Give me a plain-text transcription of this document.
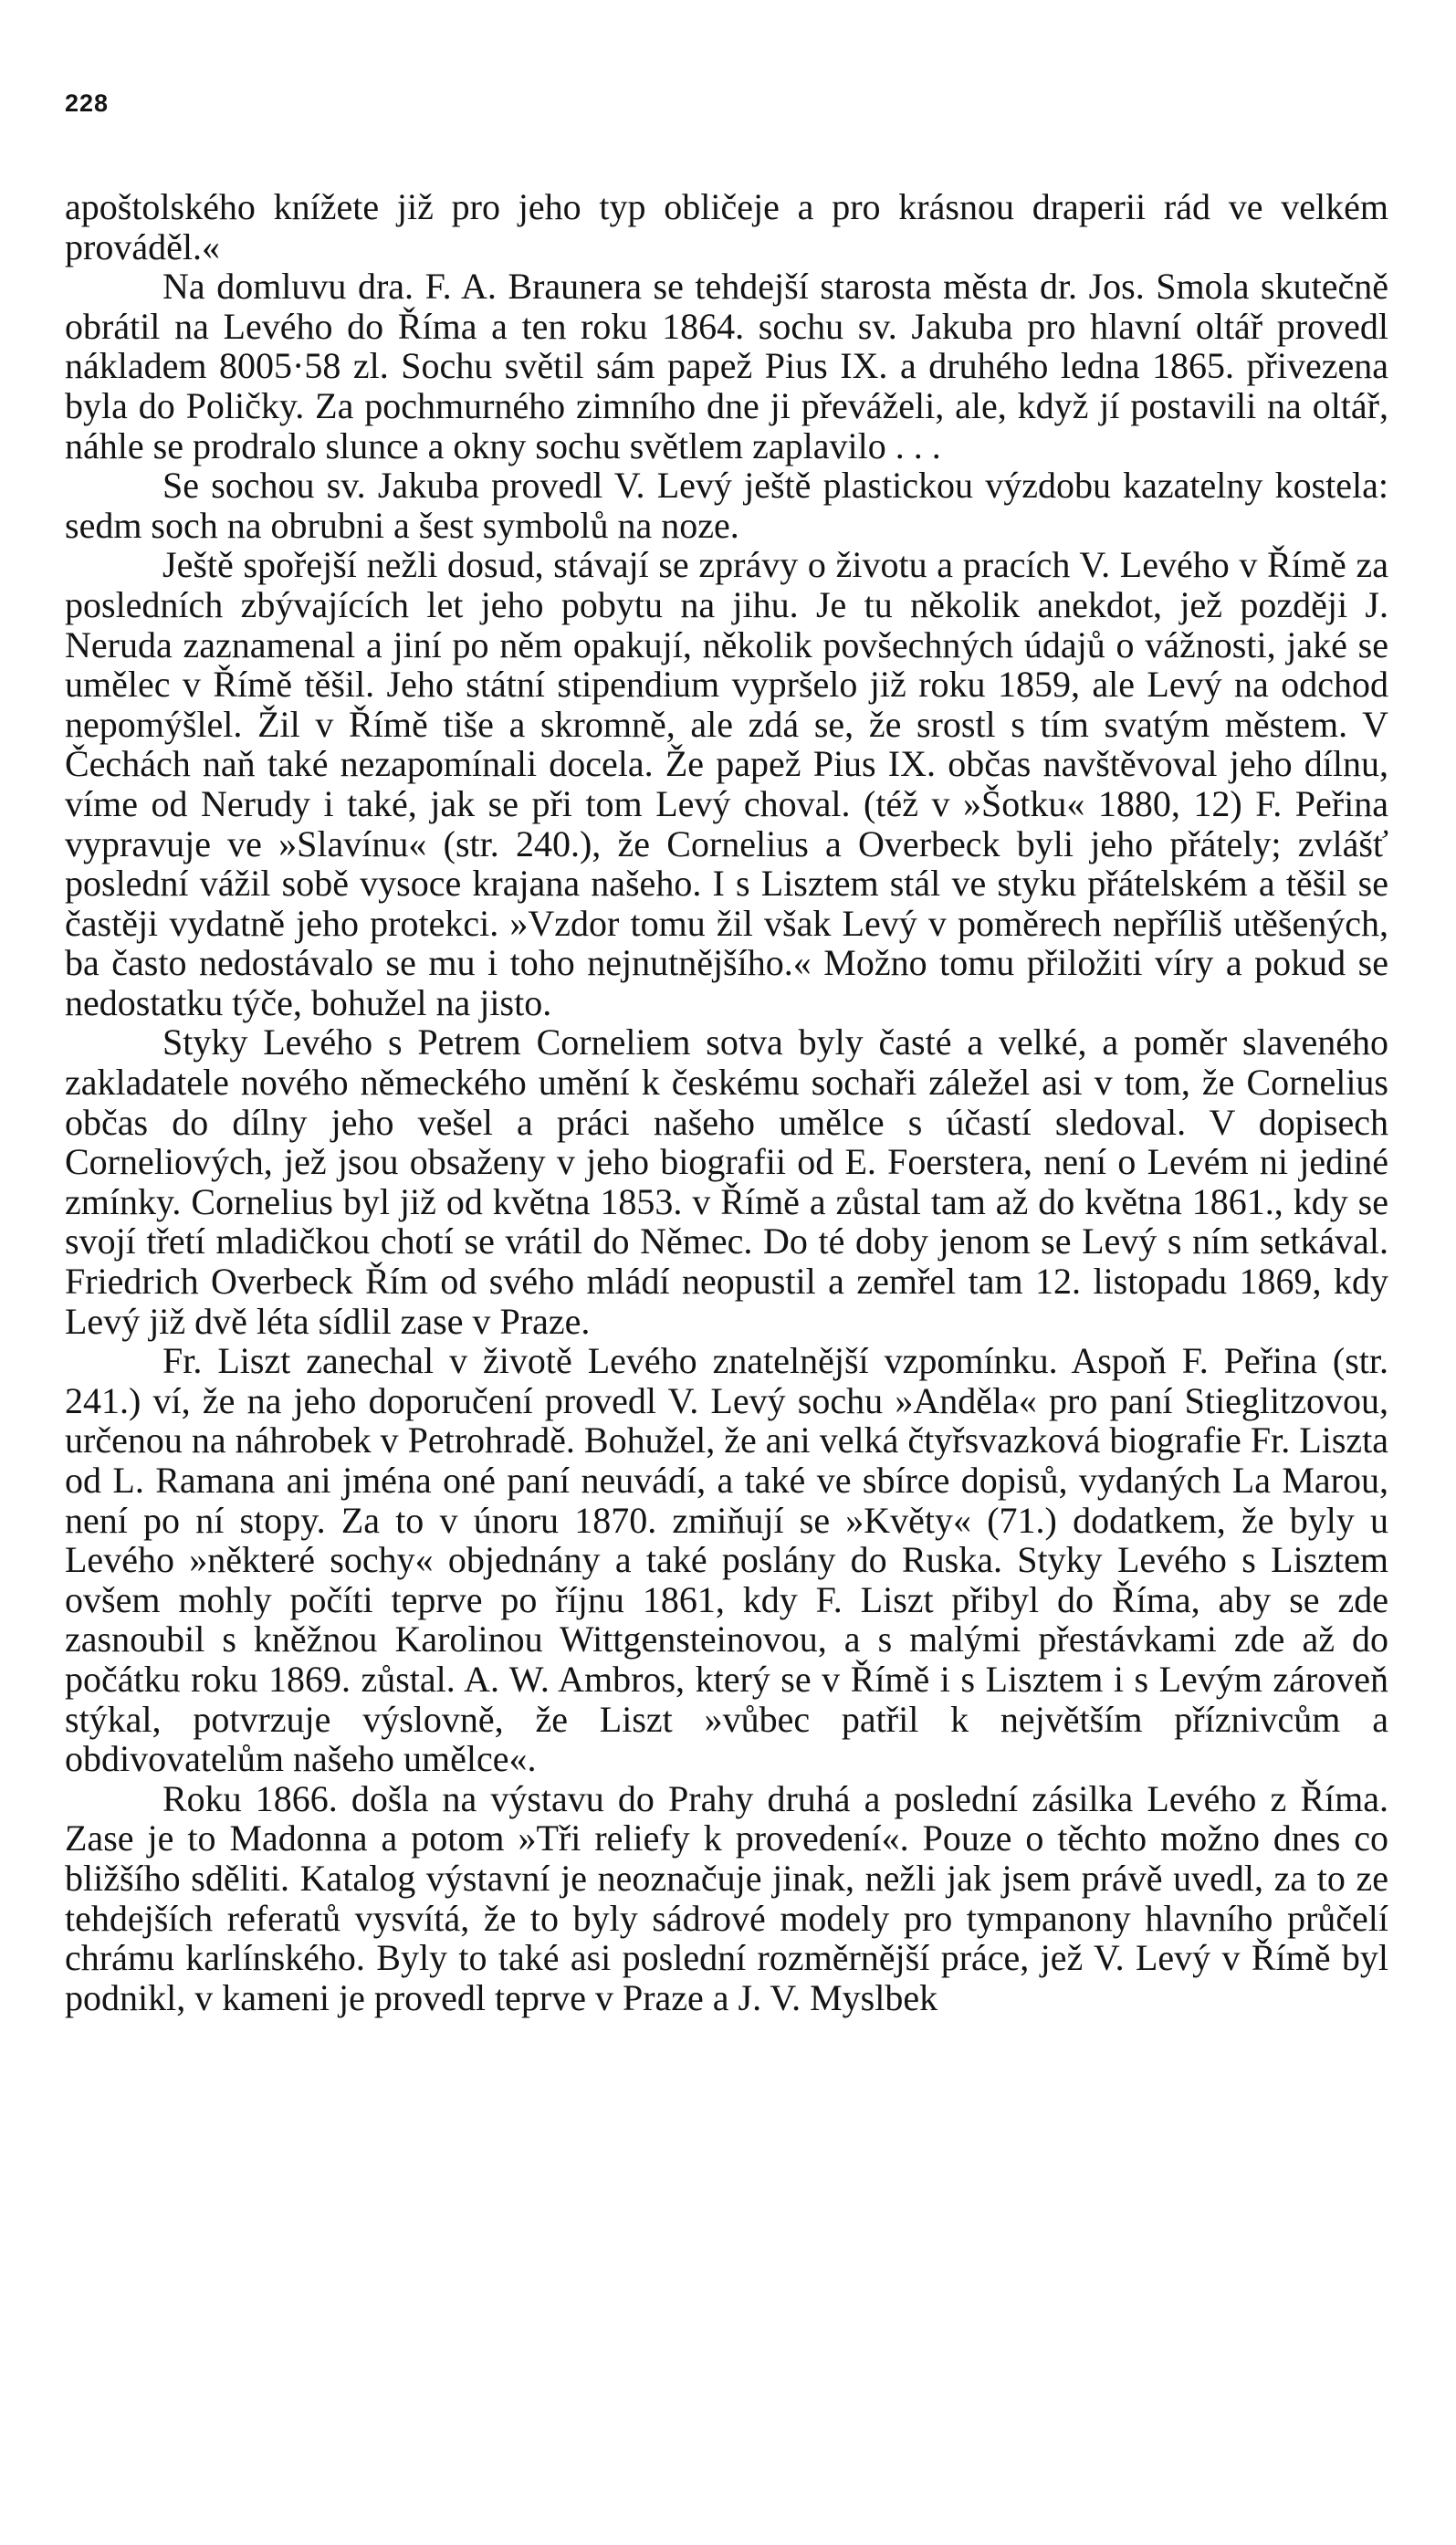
228

apoštolského knížete již pro jeho typ obličeje a pro krásnou draperii rád ve velkém prováděl.«

Na domluvu dra. F. A. Braunera se tehdejší starosta města dr. Jos. Smola skutečně obrátil na Levého do Říma a ten roku 1864. sochu sv. Jakuba pro hlavní oltář provedl nákladem 8005·58 zl. Sochu světil sám papež Pius IX. a druhého ledna 1865. přivezena byla do Poličky. Za pochmurného zimního dne ji převáželi, ale, když jí postavili na oltář, náhle se prodralo slunce a okny sochu světlem zaplavilo . . .

Se sochou sv. Jakuba provedl V. Levý ještě plastickou výzdobu kazatelny kostela: sedm soch na obrubni a šest symbolů na noze.

Ještě spořejší nežli dosud, stávají se zprávy o životu a pracích V. Levého v Římě za posledních zbývajících let jeho pobytu na jihu. Je tu několik anekdot, jež později J. Neruda zaznamenal a jiní po něm opakují, několik povšechných údajů o vážnosti, jaké se umělec v Římě těšil. Jeho státní stipendium vypršelo již roku 1859, ale Levý na odchod nepomýšlel. Žil v Římě tiše a skromně, ale zdá se, že srostl s tím svatým městem. V Čechách naň také nezapomínali docela. Že papež Pius IX. občas navštěvoval jeho dílnu, víme od Nerudy i také, jak se při tom Levý choval. (též v »Šotku« 1880, 12) F. Peřina vypravuje ve »Slavínu« (str. 240.), že Cornelius a Overbeck byli jeho přátely; zvlášť poslední vážil sobě vysoce krajana našeho. I s Lisztem stál ve styku přátelském a těšil se častěji vydatně jeho protekci. »Vzdor tomu žil však Levý v poměrech nepříliš utěšených, ba často nedostávalo se mu i toho nejnutnějšího.« Možno tomu přiložiti víry a pokud se nedostatku týče, bohužel na jisto.

Styky Levého s Petrem Corneliem sotva byly časté a velké, a poměr slaveného zakladatele nového německého umění k českému sochaři záležel asi v tom, že Cornelius občas do dílny jeho vešel a práci našeho umělce s účastí sledoval. V dopisech Corneliových, jež jsou obsaženy v jeho biografii od E. Foerstera, není o Levém ni jediné zmínky. Cornelius byl již od května 1853. v Římě a zůstal tam až do května 1861., kdy se svojí třetí mladičkou chotí se vrátil do Němec. Do té doby jenom se Levý s ním setkával. Friedrich Overbeck Řím od svého mládí neopustil a zemřel tam 12. listopadu 1869, kdy Levý již dvě léta sídlil zase v Praze.

Fr. Liszt zanechal v životě Levého znatelnější vzpomínku. Aspoň F. Peřina (str. 241.) ví, že na jeho doporučení provedl V. Levý sochu »Anděla« pro paní Stieglitzovou, určenou na náhrobek v Petrohradě. Bohužel, že ani velká čtyřsvazková biografie Fr. Liszta od L. Ramana ani jména oné paní neuvádí, a také ve sbírce dopisů, vydaných La Marou, není po ní stopy. Za to v únoru 1870. zmiňují se »Květy« (71.) dodatkem, že byly u Levého »některé sochy« objednány a také poslány do Ruska. Styky Levého s Lisztem ovšem mohly počíti teprve po říjnu 1861, kdy F. Liszt přibyl do Říma, aby se zde zasnoubil s kněžnou Karolinou Wittgensteinovou, a s malými přestávkami zde až do počátku roku 1869. zůstal. A. W. Ambros, který se v Římě i s Lisztem i s Levým zároveň stýkal, potvrzuje výslovně, že Liszt »vůbec patřil k největším příznivcům a obdivovatelům našeho umělce«.

Roku 1866. došla na výstavu do Prahy druhá a poslední zásilka Levého z Říma. Zase je to Madonna a potom »Tři reliefy k provedení«. Pouze o těchto možno dnes co bližšího sděliti. Katalog výstavní je neoznačuje jinak, nežli jak jsem právě uvedl, za to ze tehdejších referatů vysvítá, že to byly sádrové modely pro tympanony hlavního průčelí chrámu karlínského. Byly to také asi poslední rozměrnější práce, jež V. Levý v Římě byl podnikl, v kameni je provedl teprve v Praze a J. V. Myslbek
